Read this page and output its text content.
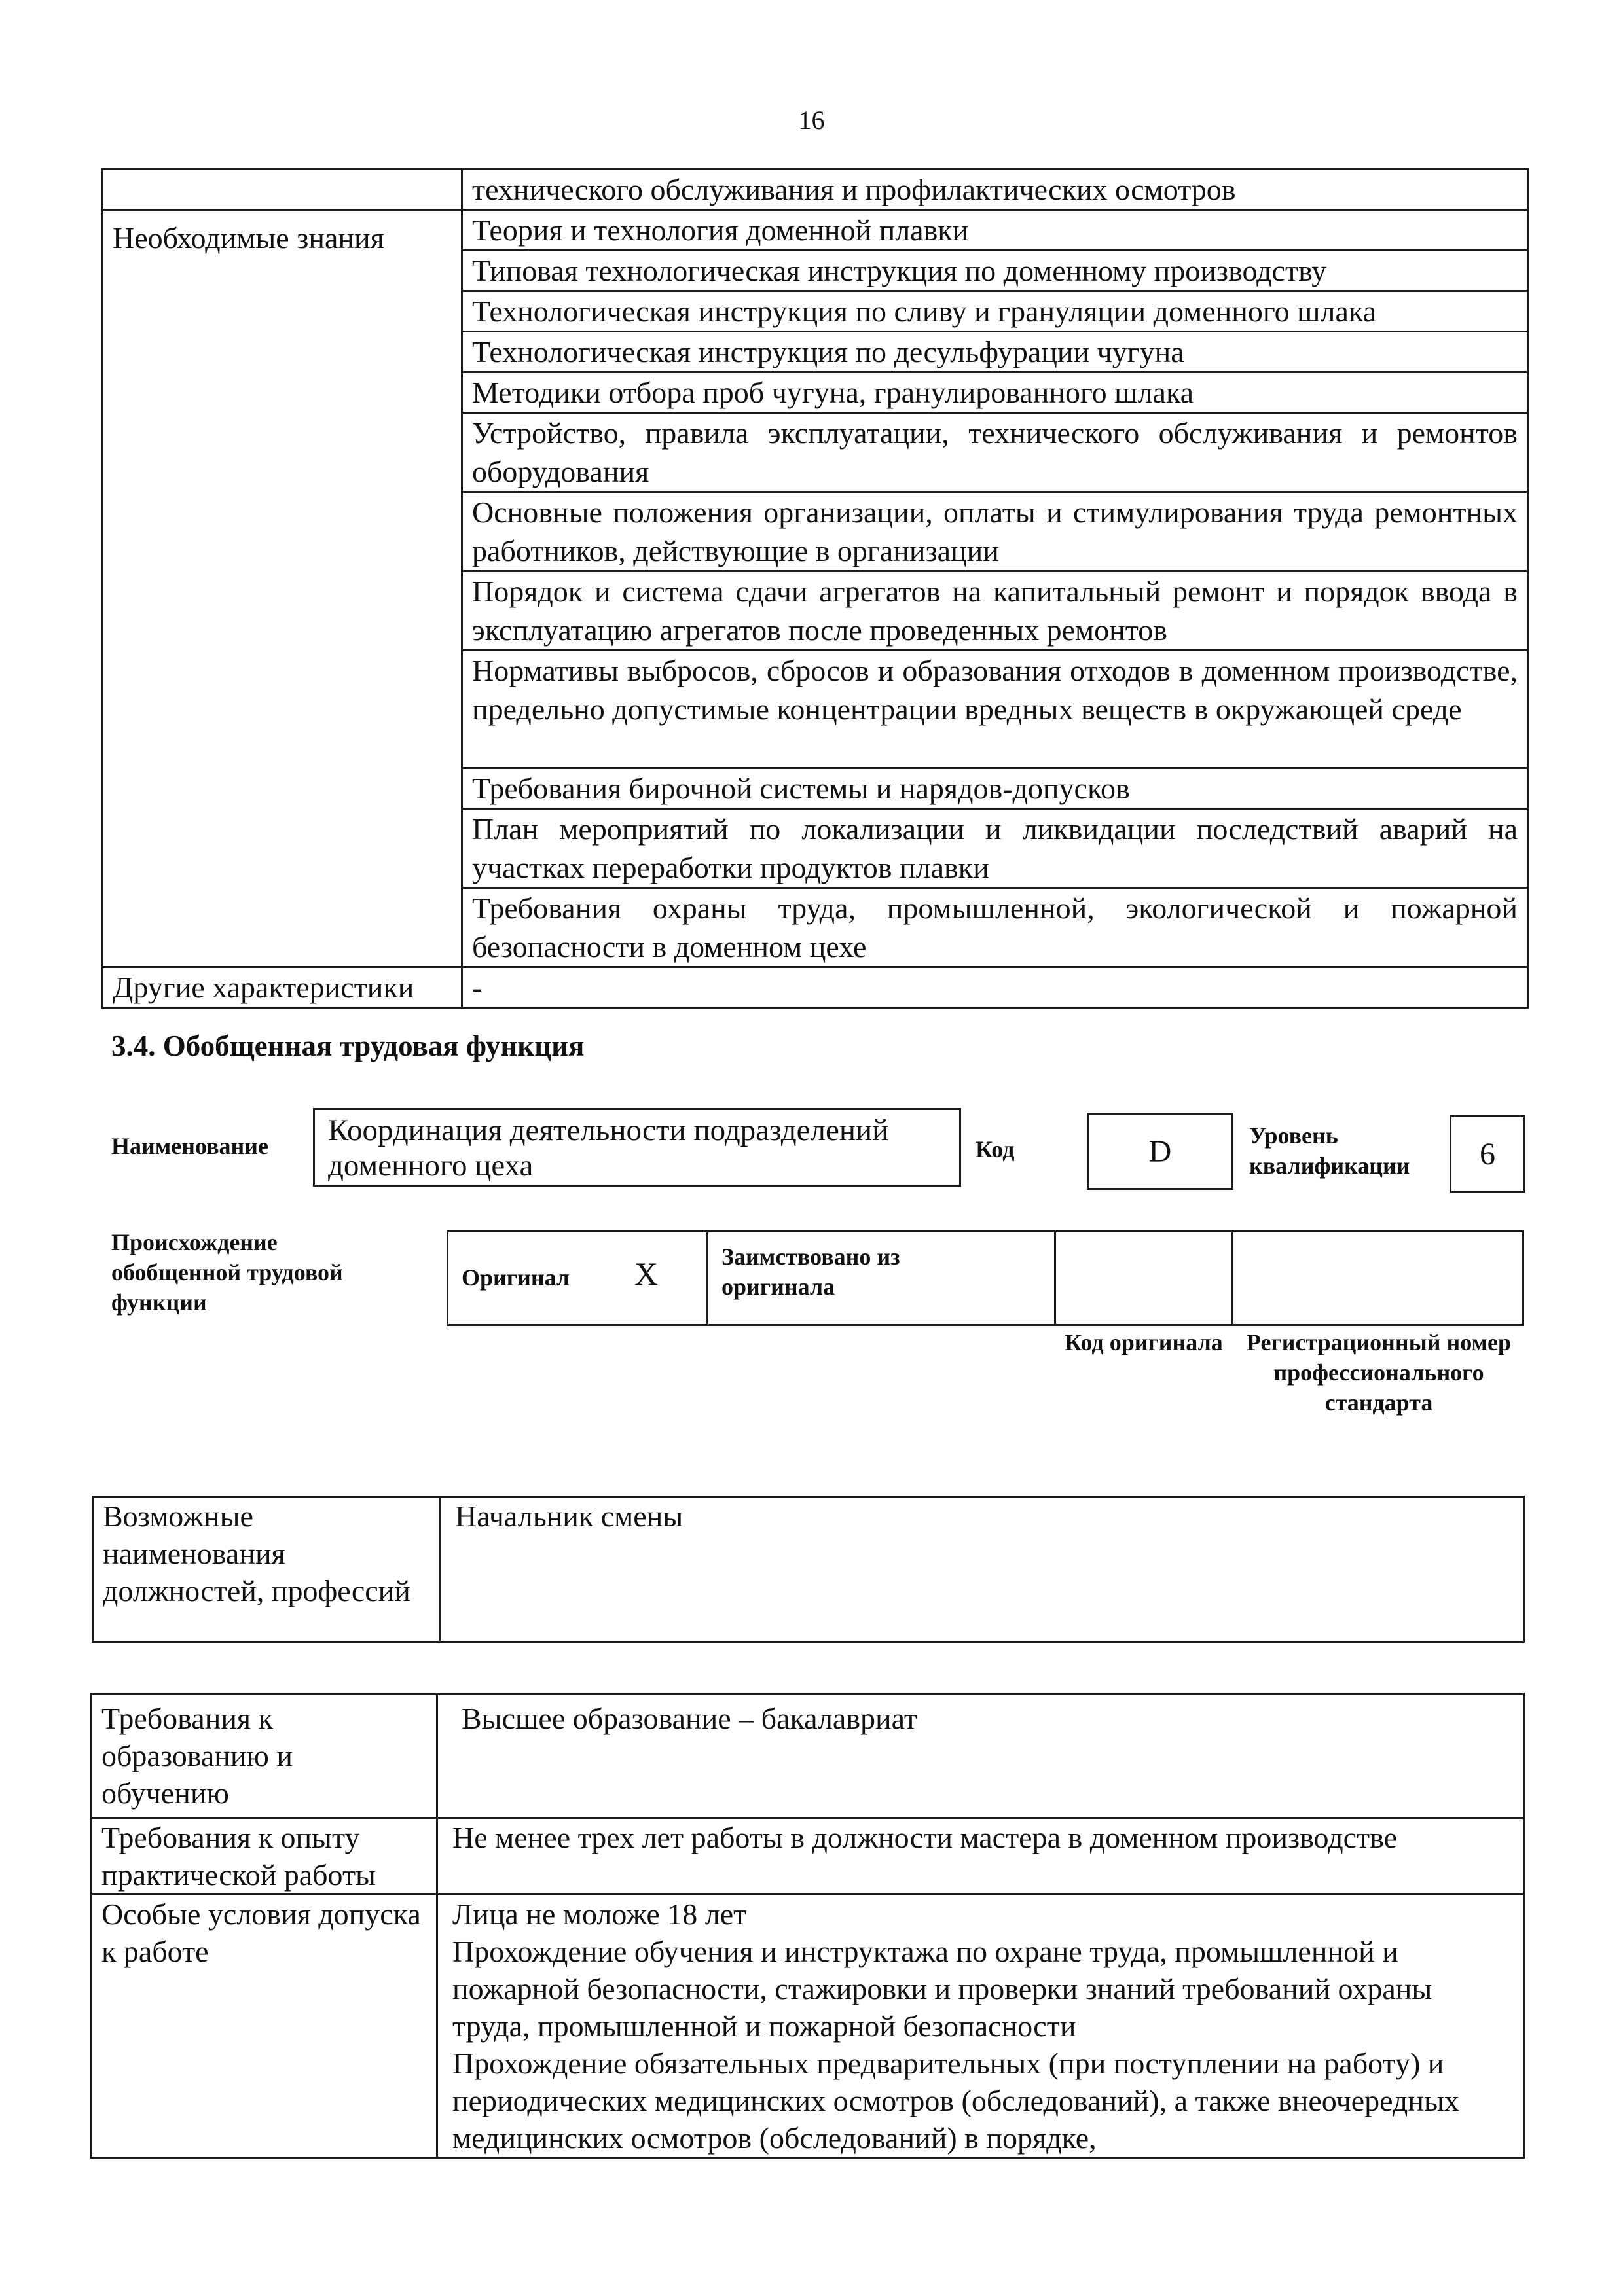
16
	технического обслуживания и профилактических осмотров
Необходимые знания	Теория и технология доменной плавки
	Типовая технологическая инструкция по доменному производству
	Технологическая инструкция по сливу и грануляции доменного шлака
	Технологическая инструкция по десульфурации чугуна
	Методики отбора проб чугуна, гранулированного шлака
	Устройство, правила эксплуатации, технического обслуживания и ремонтов оборудования
	Основные положения организации, оплаты и стимулирования труда ремонтных работников, действующие в организации
	Порядок и система сдачи агрегатов на капитальный ремонт и порядок ввода в эксплуатацию агрегатов после проведенных ремонтов
	Нормативы выбросов, сбросов и образования отходов в доменном производстве, предельно допустимые концентрации вредных веществ в окружающей среде
	Требования бирочной системы и нарядов-допусков
	План мероприятий по локализации и ликвидации последствий аварий на участках переработки продуктов плавки
	Требования охраны труда, промышленной, экологической и пожарной безопасности в доменном цехе
Другие характеристики	-
3.4. Обобщенная трудовая функция
Наименование	Координация деятельности подразделений доменного цеха	Код	D	Уровень квалификации	6
Происхождение обобщенной трудовой функции
Оригинал X	Заимствовано из оригинала
Код оригинала	Регистрационный номер профессионального стандарта
Возможные наименования должностей, профессий	Начальник смены
Требования к образованию и обучению	Высшее образование – бакалавриат

Требования к опыту практической работы	Не менее трех лет работы в должности мастера в доменном производстве

Особые условия допуска к работе	Лица не моложе 18 лет
Прохождение обучения и инструктажа по охране труда, промышленной и пожарной безопасности, стажировки и проверки знаний требований охраны труда, промышленной и пожарной безопасности
Прохождение обязательных предварительных (при поступлении на работу) и периодических медицинских осмотров (обследований), а также внеочередных медицинских осмотров (обследований) в порядке,
